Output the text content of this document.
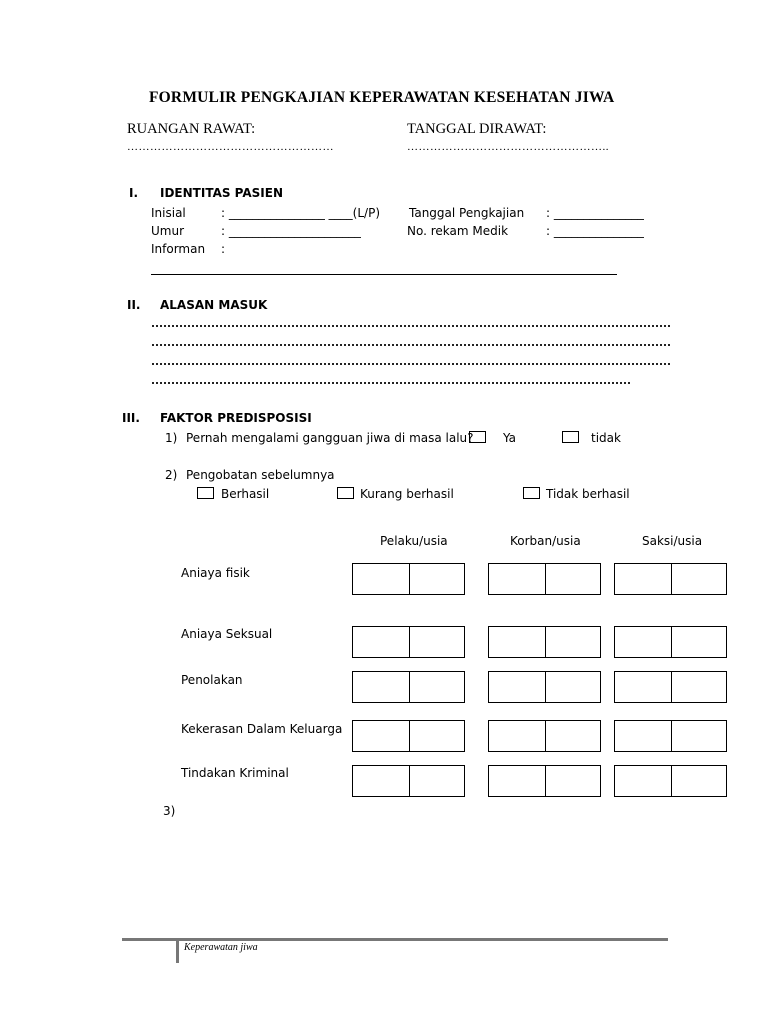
FORMULIR PENGKAJIAN KEPERAWATAN KESEHATAN JIWA
RUANGAN RAWAT:
………………………………………………
TANGGAL DIRAWAT:
……………………………………………..
I. IDENTITAS PASIEN
Inisial	: ________________ ____(L/P) Tanggal Pengkajian : _______________
Umur	: ______________________	No. rekam Medik	: _______________
Informan :
II. ALASAN MASUK
III. FAKTOR PREDISPOSISI
1) Pernah mengalami gangguan jiwa di masa lalu? Ya	tidak
2) Pengobatan sebelumnya
Berhasil	Kurang berhasil	Tidak berhasil
Pelaku/usia	Korban/usia	Saksi/usia
Aniaya fisik
Aniaya Seksual
Penolakan
Kekerasan Dalam Keluarga
Tindakan Kriminal
3)
Keperawatan jiwa
